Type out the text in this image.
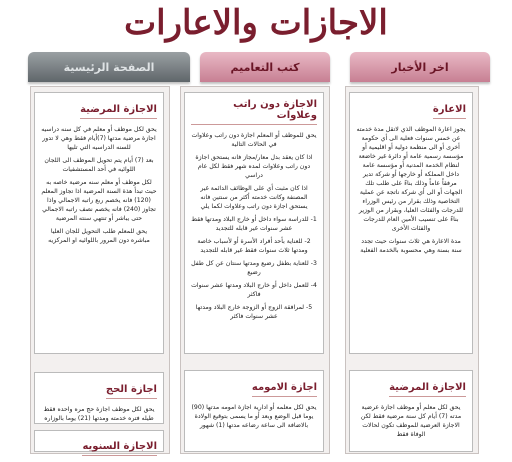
الاجازات والاعارات
اخر الأخبار
كتب التعاميم
الصفحة الرئيسية
الاعارة

يجوز اعارة الموظف الذي لاتقل مدة خدمته عن خمس سنوات فعلية الى أي حكومة أخرى أو الى منظمة دولية أو اقليمية أو مؤسسة رسمية عامة أو دائرة غير خاضعة لنظام الخدمة المدنية أو مؤسسة عامة داخل المملكة أو خارجها أو شركة تدير مرفقاً عاماً وذلك بناءً على طلب تلك الجهات أو الى أي شركة ناتجة عن عملية التخاصية وذلك بقرار من رئيس الوزراء للدرجات والفئات العليا، وبقرار من الوزير بناءً على تنسيب الأمين العام للدرجات والفئات الأخرى

مدة الاعارة هي ثلاث سنوات حيث تجدد سنة بسنة وهي محسوبة بالخدمة الفعلية

الاجازة المرضية

يحق لكل معلم أو موظف اجازة عرضية مدته (7) أيام كل سنة مرضية فقط لكن الاجازة العرضية للموظف تكون لحالات الوفاة فقط

الاجازة دون راتب وعلاوات

يحق للموظف أو المعلم اجازة دون راتب وعلاوات في الحالات التالية

اذا كان يعقد بدل معار/مجاز فانه يستحق اجازة دون راتب وعلاوات لمده شهر فقط لكل عام دراسي

اذا كان مثبت أي على الوظائف الدائمة غير المصنفة وكانت خدمته أكثر من سنتين فانه يستحق اجازة دون راتب وعلاوات لكما يلي

1- للدراسة سواء داخل أو خارج البلاد ومدتها فقط عشر سنوات غير قابله للتجديد

2- للعناية بأحد أفراد الأسرة أو لأسباب خاصة ومدتها ثلاث سنوات فقط غير قابله للتجديد

3- للعناية بطفل رضيع ومدتها سنتان عن كل طفل رضيع

4- للعمل داخل أو خارج البلاد ومدتها عشر سنوات فاكثر

5- لمرافقة الزوج أو الزوجة خارج البلاد ومدتها عشر سنوات فاكثر

اجازة الامومه

يحق لكل معلمه أو ادارية اجازة امومه مدتها (90) يوما قبل الوضع وبعد أو ما يسمى بتوقيع الولادة بالاضافة الى ساعة رضاعه مدتها (1) شهور

الاجازة المرضية

يحق لكل موظف أو معلم في كل سنه دراسيه اجازة مرضية مدتها (7)أيام فقط وهي لا تدور للسنه الدراسيه التي تليها

بعد (7) أيام يتم تحويل الموظف الى اللجان اللوائيه في أحد المستشفيات

لكل موظف أو معلم سنه مرضية خاصه به حيث تبدأ هذة السنة المرضية اذا تجاوز المعلم (120) فانه يخصم ربع راتبه الاجمالي واذا تجاوز (240) فانه يخصم نصف راتبه الاجمالي حتى يباشر أو تنتهي سنته المرضية

يحق للمعلم طلب التحويل للجان العليا مباشره دون المرور باللوائيه او المركزيه

اجازة الحج

يحق لكل موظف اجازة حج مره واحده فقط طيله فتره خدمته ومدتها (21) يوما بالوزاره

الاجازة السنويه
